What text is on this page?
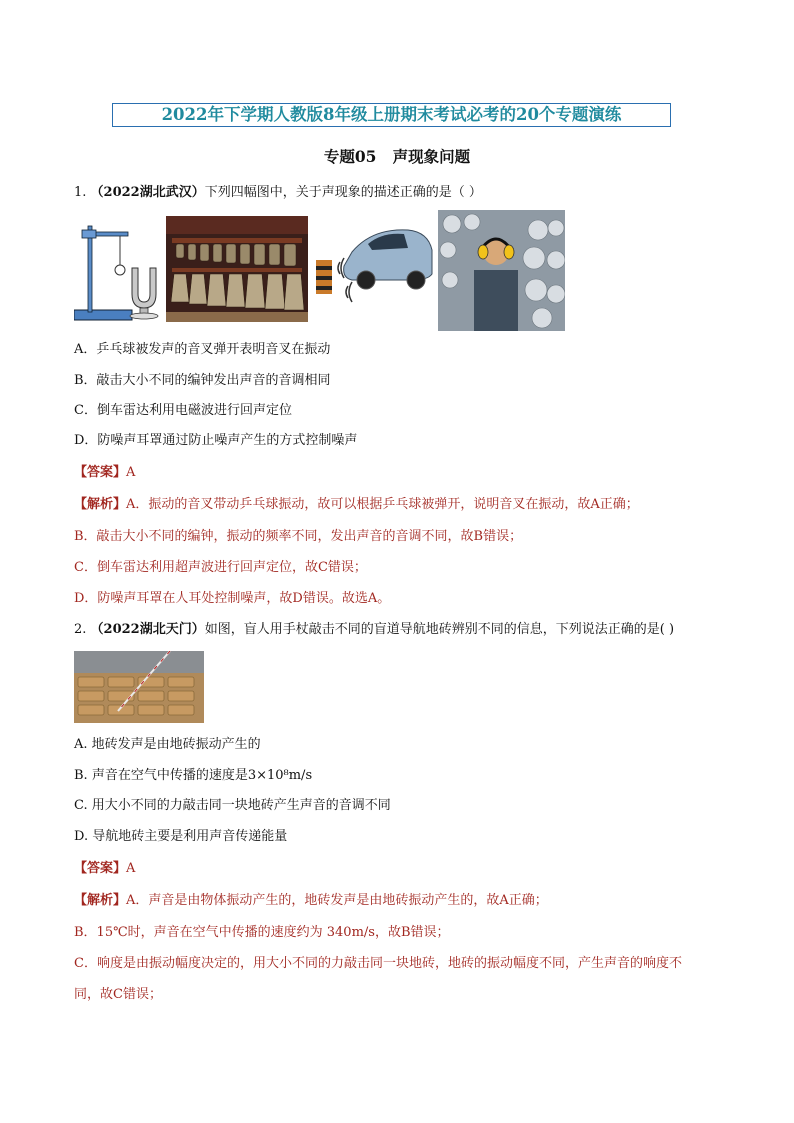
2022年下学期人教版8年级上册期末考试必考的20个专题演练
专题05   声现象问题
1. （2022湖北武汉）下列四幅图中，关于声现象的描述正确的是（ ）
A．乒乓球被发声的音叉弹开表明音叉在振动
B．敲击大小不同的编钟发出声音的音调相同
C．倒车雷达利用电磁波进行回声定位
D．防噪声耳罩通过防止噪声产生的方式控制噪声
【答案】A
【解析】A．振动的音叉带动乒乓球振动，故可以根据乒乓球被弹开，说明音叉在振动，故A正确；
B．敲击大小不同的编钟，振动的频率不同，发出声音的音调不同，故B错误；
C．倒车雷达利用超声波进行回声定位，故C错误；
D．防噪声耳罩在人耳处控制噪声，故D错误。故选A。
2. （2022湖北天门）如图，盲人用手杖敲击不同的盲道导航地砖辨别不同的信息，下列说法正确的是( )
A. 地砖发声是由地砖振动产生的
B. 声音在空气中传播的速度是3×10⁸m/s
C. 用大小不同的力敲击同一块地砖产生声音的音调不同
D. 导航地砖主要是利用声音传递能量
【答案】A
【解析】A．声音是由物体振动产生的，地砖发声是由地砖振动产生的，故A正确；
B．15℃时，声音在空气中传播的速度约为 340m/s，故B错误；
C．响度是由振动幅度决定的，用大小不同的力敲击同一块地砖，地砖的振动幅度不同，产生声音的响度不
同，故C错误；
